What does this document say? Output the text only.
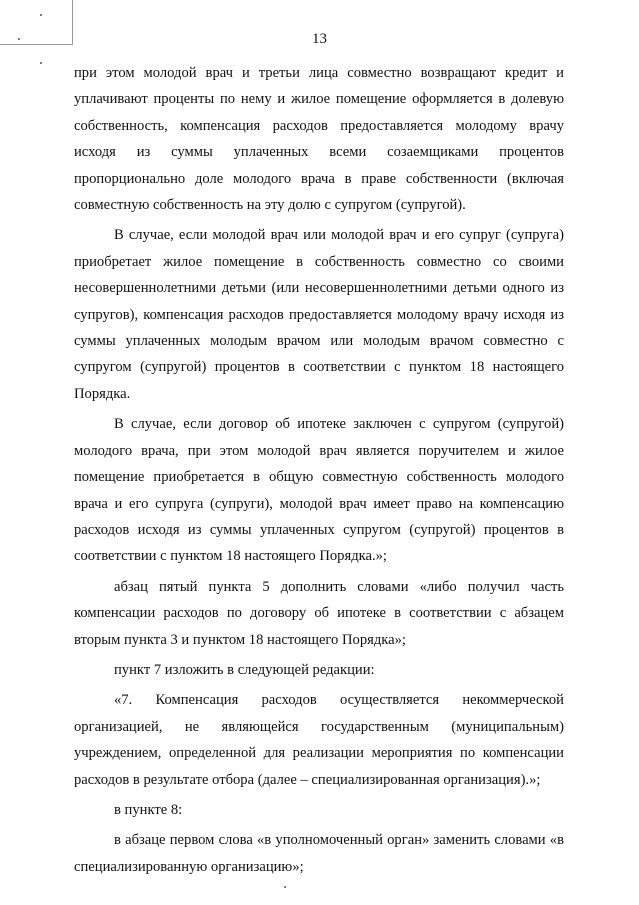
13

при этом молодой врач и третьи лица совместно возвращают кредит и уплачивают проценты по нему и жилое помещение оформляется в долевую собственность, компенсация расходов предоставляется молодому врачу исходя из суммы уплаченных всеми созаемщиками процентов пропорционально доле молодого врача в праве собственности (включая совместную собственность на эту долю с супругом (супругой).

В случае, если молодой врач или молодой врач и его супруг (супруга) приобретает жилое помещение в собственность совместно со своими несовершеннолетними детьми (или несовершеннолетними детьми одного из супругов), компенсация расходов предоставляется молодому врачу исходя из суммы уплаченных молодым врачом или молодым врачом совместно с супругом (супругой) процентов в соответствии с пунктом 18 настоящего Порядка.

В случае, если договор об ипотеке заключен с супругом (супругой) молодого врача, при этом молодой врач является поручителем и жилое помещение приобретается в общую совместную собственность молодого врача и его супруга (супруги), молодой врач имеет право на компенсацию расходов исходя из суммы уплаченных супругом (супругой) процентов в соответствии с пунктом 18 настоящего Порядка.»;

абзац пятый пункта 5 дополнить словами «либо получил часть компенсации расходов по договору об ипотеке в соответствии с абзацем вторым пункта 3 и пунктом 18 настоящего Порядка»;

пункт 7 изложить в следующей редакции:

«7. Компенсация расходов осуществляется некоммерческой организацией, не являющейся государственным (муниципальным) учреждением, определенной для реализации мероприятия по компенсации расходов в результате отбора (далее – специализированная организация).»;

в пункте 8:

в абзаце первом слова «в уполномоченный орган» заменить словами «в специализированную организацию»;
